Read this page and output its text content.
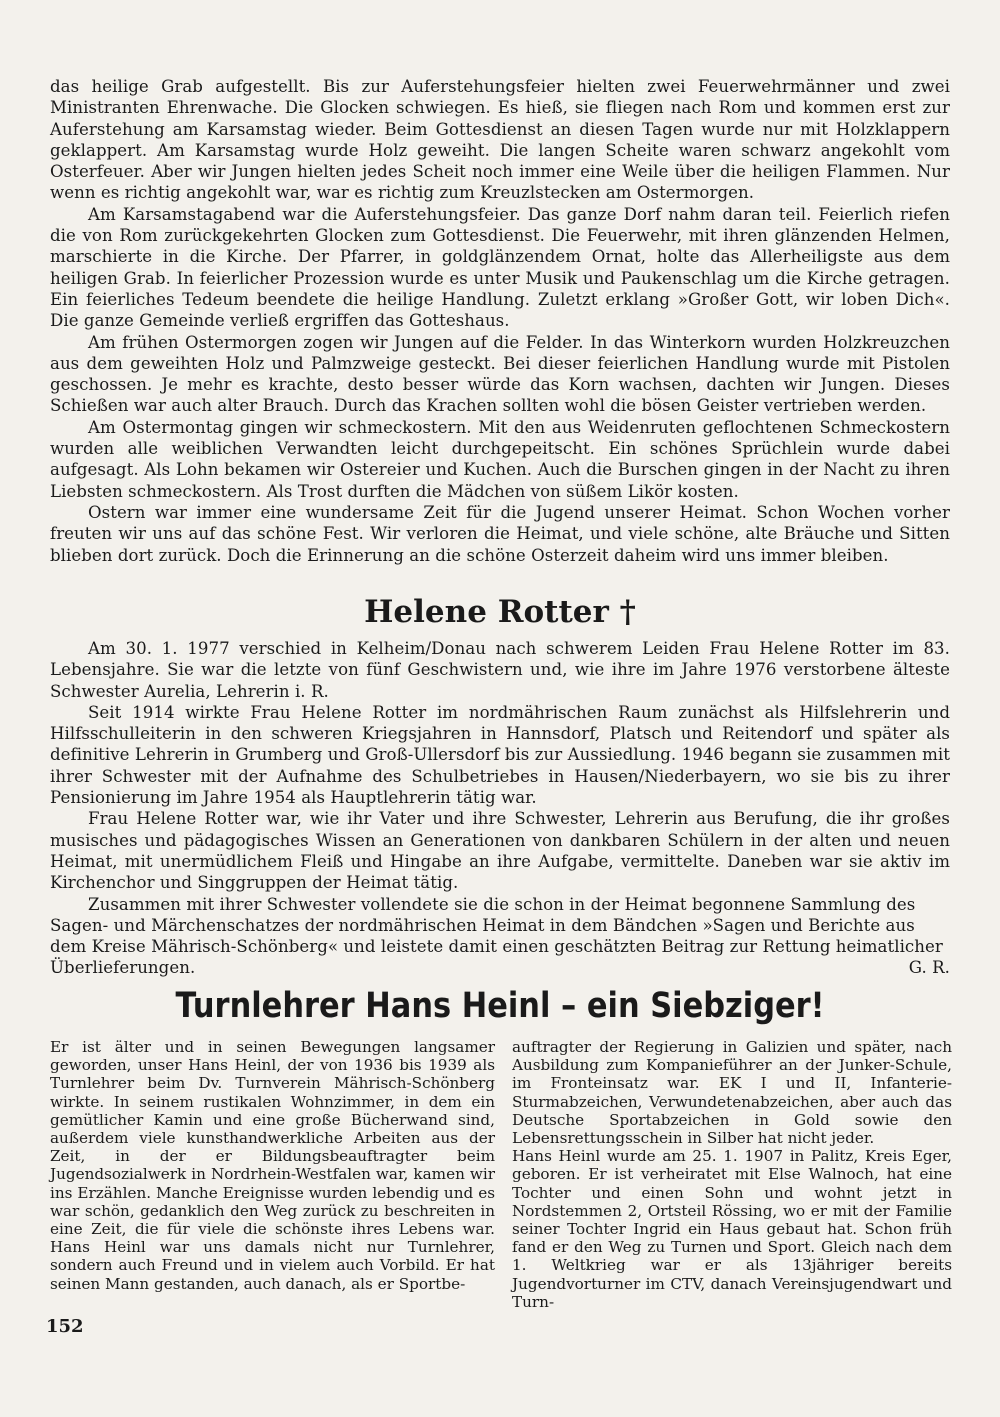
das heilige Grab aufgestellt. Bis zur Auferstehungsfeier hielten zwei Feuerwehrmänner und zwei Ministranten Ehrenwache. Die Glocken schwiegen. Es hieß, sie fliegen nach Rom und kommen erst zur Auferstehung am Karsamstag wieder. Beim Gottesdienst an diesen Tagen wurde nur mit Holzklappern geklappert. Am Karsamstag wurde Holz geweiht. Die langen Scheite waren schwarz angekohlt vom Osterfeuer. Aber wir Jungen hielten jedes Scheit noch immer eine Weile über die heiligen Flammen. Nur wenn es richtig angekohlt war, war es richtig zum Kreuzlstecken am Ostermorgen.

Am Karsamstagabend war die Auferstehungsfeier. Das ganze Dorf nahm daran teil. Feierlich riefen die von Rom zurückgekehrten Glocken zum Gottesdienst. Die Feuerwehr, mit ihren glänzenden Helmen, marschierte in die Kirche. Der Pfarrer, in goldglänzendem Ornat, holte das Allerheiligste aus dem heiligen Grab. In feierlicher Prozession wurde es unter Musik und Paukenschlag um die Kirche getragen. Ein feierliches Tedeum beendete die heilige Handlung. Zuletzt erklang »Großer Gott, wir loben Dich«. Die ganze Gemeinde verließ ergriffen das Gotteshaus.

Am frühen Ostermorgen zogen wir Jungen auf die Felder. In das Winterkorn wurden Holzkreuzchen aus dem geweihten Holz und Palmzweige gesteckt. Bei dieser feierlichen Handlung wurde mit Pistolen geschossen. Je mehr es krachte, desto besser würde das Korn wachsen, dachten wir Jungen. Dieses Schießen war auch alter Brauch. Durch das Krachen sollten wohl die bösen Geister vertrieben werden.

Am Ostermontag gingen wir schmeckostern. Mit den aus Weidenruten geflochtenen Schmeckostern wurden alle weiblichen Verwandten leicht durchgepeitscht. Ein schönes Sprüchlein wurde dabei aufgesagt. Als Lohn bekamen wir Ostereier und Kuchen. Auch die Burschen gingen in der Nacht zu ihren Liebsten schmeckostern. Als Trost durften die Mädchen von süßem Likör kosten.

Ostern war immer eine wundersame Zeit für die Jugend unserer Heimat. Schon Wochen vorher freuten wir uns auf das schöne Fest. Wir verloren die Heimat, und viele schöne, alte Bräuche und Sitten blieben dort zurück. Doch die Erinnerung an die schöne Osterzeit daheim wird uns immer bleiben.

Helene Rotter †

Am 30. 1. 1977 verschied in Kelheim/Donau nach schwerem Leiden Frau Helene Rotter im 83. Lebensjahre. Sie war die letzte von fünf Geschwistern und, wie ihre im Jahre 1976 verstorbene älteste Schwester Aurelia, Lehrerin i. R.

Seit 1914 wirkte Frau Helene Rotter im nordmährischen Raum zunächst als Hilfslehrerin und Hilfsschulleiterin in den schweren Kriegsjahren in Hannsdorf, Platsch und Reitendorf und später als definitive Lehrerin in Grumberg und Groß-Ullersdorf bis zur Aussiedlung. 1946 begann sie zusammen mit ihrer Schwester mit der Aufnahme des Schulbetriebes in Hausen/Niederbayern, wo sie bis zu ihrer Pensionierung im Jahre 1954 als Hauptlehrerin tätig war.

Frau Helene Rotter war, wie ihr Vater und ihre Schwester, Lehrerin aus Berufung, die ihr großes musisches und pädagogisches Wissen an Generationen von dankbaren Schülern in der alten und neuen Heimat, mit unermüdlichem Fleiß und Hingabe an ihre Aufgabe, vermittelte. Daneben war sie aktiv im Kirchenchor und Singgruppen der Heimat tätig.

Zusammen mit ihrer Schwester vollendete sie die schon in der Heimat begonnene Sammlung des Sagen- und Märchenschatzes der nordmährischen Heimat in dem Bändchen »Sagen und Berichte aus dem Kreise Mährisch-Schönberg« und leistete damit einen geschätzten Beitrag zur Rettung heimatlicher Überlieferungen.	G. R.

Turnlehrer Hans Heinl – ein Siebziger!

Er ist älter und in seinen Bewegungen langsamer geworden, unser Hans Heinl, der von 1936 bis 1939 als Turnlehrer beim Dv. Turnverein Mährisch-Schönberg wirkte. In seinem rustikalen Wohnzimmer, in dem ein gemütlicher Kamin und eine große Bücherwand sind, außerdem viele kunsthandwerkliche Arbeiten aus der Zeit, in der er Bildungsbeauftragter beim Jugendsozialwerk in Nordrhein-Westfalen war, kamen wir ins Erzählen. Manche Ereignisse wurden lebendig und es war schön, gedanklich den Weg zurück zu beschreiten in eine Zeit, die für viele die schönste ihres Lebens war. Hans Heinl war uns damals nicht nur Turnlehrer, sondern auch Freund und in vielem auch Vorbild. Er hat seinen Mann gestanden, auch danach, als er Sportbe-

auftragter der Regierung in Galizien und später, nach Ausbildung zum Kompanieführer an der Junker-Schule, im Fronteinsatz war. EK I und II, Infanterie-Sturmabzeichen, Verwundetenabzeichen, aber auch das Deutsche Sportabzeichen in Gold sowie den Lebensrettungsschein in Silber hat nicht jeder.

Hans Heinl wurde am 25. 1. 1907 in Palitz, Kreis Eger, geboren. Er ist verheiratet mit Else Walnoch, hat eine Tochter und einen Sohn und wohnt jetzt in Nordstemmen 2, Ortsteil Rössing, wo er mit der Familie seiner Tochter Ingrid ein Haus gebaut hat. Schon früh fand er den Weg zu Turnen und Sport. Gleich nach dem 1. Weltkrieg war er als 13jähriger bereits Jugendvorturner im CTV, danach Vereinsjugendwart und Turn-

152
